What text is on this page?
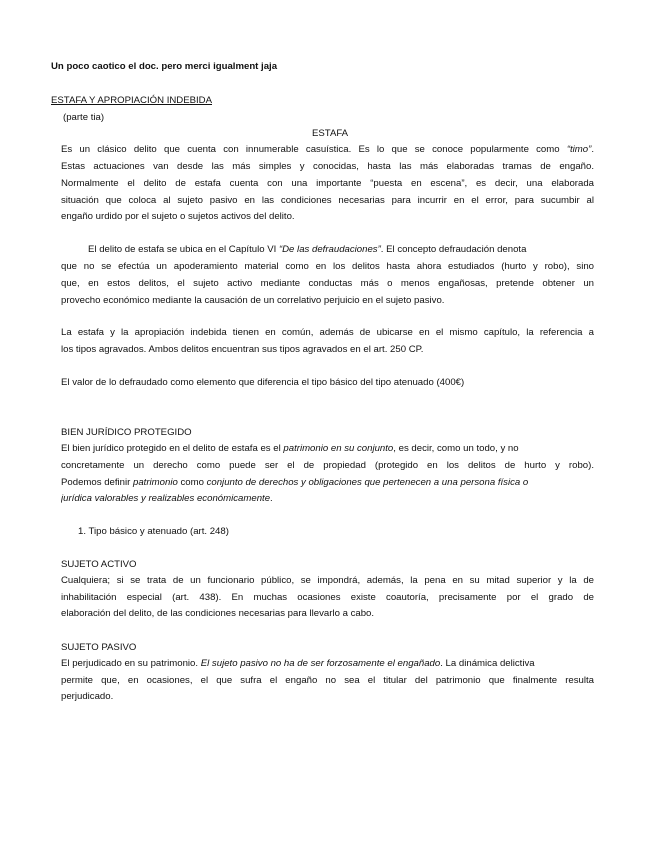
Un poco caotico el doc. pero merci igualment jaja
ESTAFA Y APROPIACIÓN INDEBIDA
(parte tia)
ESTAFA
Es un clásico delito que cuenta con innumerable casuística. Es lo que se conoce popularmente como “timo”.
Estas actuaciones van desde las más simples y conocidas, hasta las más elaboradas tramas de engaño.
Normalmente el delito de estafa cuenta con una importante “puesta en escena”, es decir, una elaborada
situación que coloca al sujeto pasivo en las condiciones necesarias para incurrir en el error, para sucumbir al
engaño urdido por el sujeto o sujetos activos del delito.
El delito de estafa se ubica en el Capítulo VI “De las defraudaciones”. El concepto defraudación denota
que no se efectúa un apoderamiento material como en los delitos hasta ahora estudiados (hurto y robo), sino
que, en estos delitos, el sujeto activo mediante conductas más o menos engañosas, pretende obtener un
provecho económico mediante la causación de un correlativo perjuicio en el sujeto pasivo.
La estafa y la apropiación indebida tienen en común, además de ubicarse en el mismo capítulo, la referencia a
los tipos agravados. Ambos delitos encuentran sus tipos agravados en el art. 250 CP.
El valor de lo defraudado como elemento que diferencia el tipo básico del tipo atenuado (400€)
BIEN JURÍDICO PROTEGIDO
El bien jurídico protegido en el delito de estafa es el patrimonio en su conjunto, es decir, como un todo, y no
concretamente un derecho como puede ser el de propiedad (protegido en los delitos de hurto y robo).
Podemos definir patrimonio como conjunto de derechos y obligaciones que pertenecen a una persona física o
jurídica valorables y realizables económicamente.
1. Tipo básico y atenuado (art. 248)
SUJETO ACTIVO
Cualquiera; si se trata de un funcionario público, se impondrá, además, la pena en su mitad superior y la de
inhabilitación especial (art. 438). En muchas ocasiones existe coautoría, precisamente por el grado de
elaboración del delito, de las condiciones necesarias para llevarlo a cabo.
SUJETO PASIVO
El perjudicado en su patrimonio. El sujeto pasivo no ha de ser forzosamente el engañado. La dinámica delictiva
permite que, en ocasiones, el que sufra el engaño no sea el titular del patrimonio que finalmente resulta
perjudicado.
